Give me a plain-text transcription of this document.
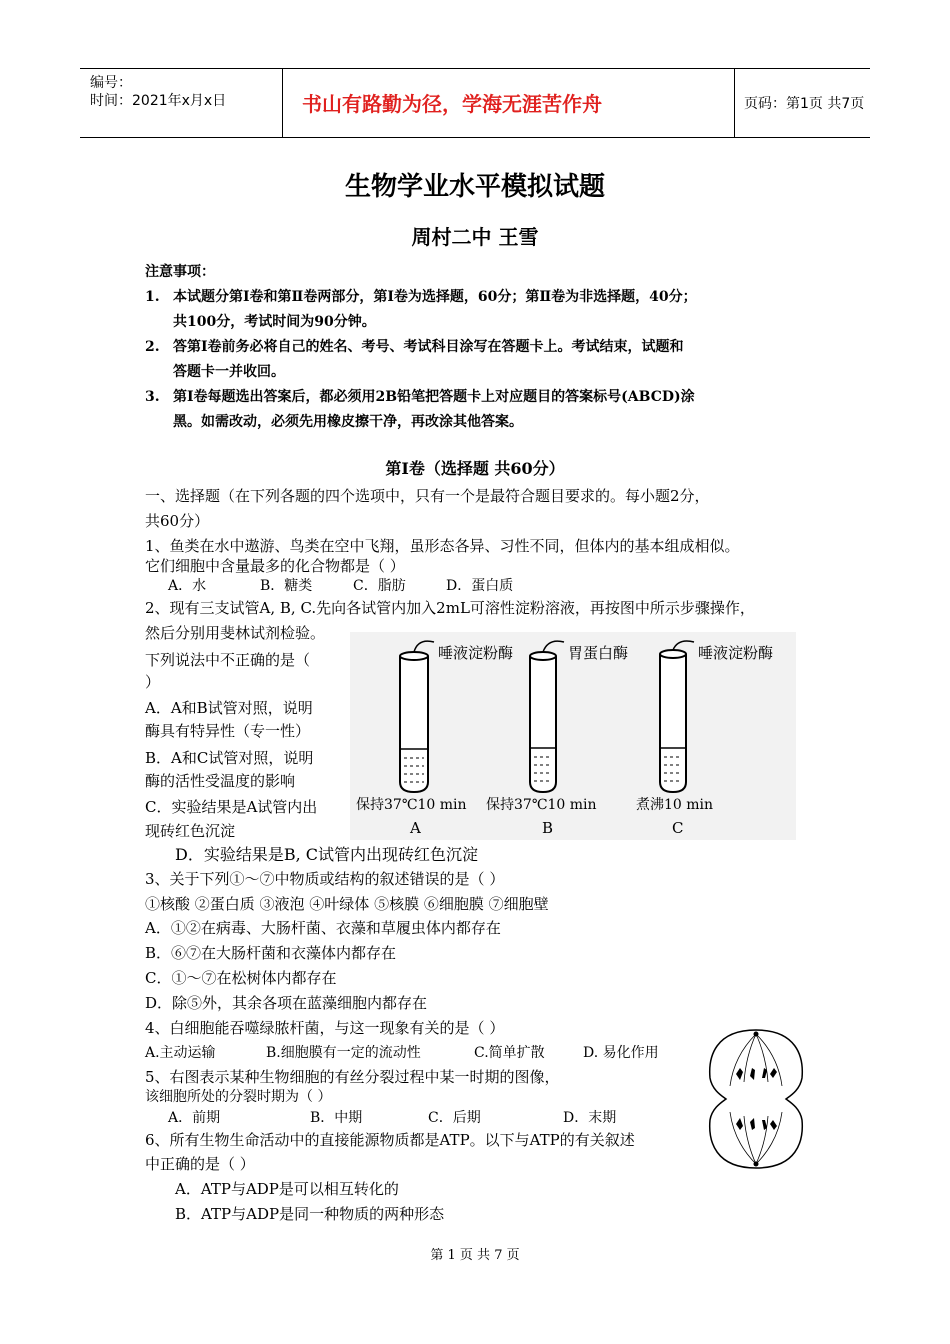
编号：
时间：2021年x月x日	书山有路勤为径，学海无涯苦作舟	页码：第1页 共7页
生物学业水平模拟试题
周村二中 王雪
注意事项：
1. 本试题分第Ⅰ卷和第Ⅱ卷两部分，第Ⅰ卷为选择题，60分；第Ⅱ卷为非选择题，40分；
共100分，考试时间为90分钟。
2. 答第Ⅰ卷前务必将自己的姓名、考号、考试科目涂写在答题卡上。考试结束，试题和
答题卡一并收回。
3. 第Ⅰ卷每题选出答案后，都必须用2B铅笔把答题卡上对应题目的答案标号(ABCD)涂
黑。如需改动，必须先用橡皮擦干净，再改涂其他答案。
第Ⅰ卷（选择题 共60分）
一、选择题（在下列各题的四个选项中，只有一个是最符合题目要求的。每小题2分，
共60分）
1、鱼类在水中遨游、鸟类在空中飞翔，虽形态各异、习性不同，但体内的基本组成相似。
它们细胞中含量最多的化合物都是（ ）
A．水	B．糖类	C．脂肪	D．蛋白质
2、现有三支试管A, B, C.先向各试管内加入2mL可溶性淀粉溶液，再按图中所示步骤操作，
然后分别用斐林试剂检验。
下列说法中不正确的是（
）
A．A和B试管对照，说明
酶具有特异性（专一性）
B．A和C试管对照，说明
酶的活性受温度的影响
C．实验结果是A试管内出
现砖红色沉淀
D．实验结果是B, C试管内出现砖红色沉淀
唾液淀粉酶	胃蛋白酶	唾液淀粉酶
保持37℃10 min 保持37℃10 min	煮沸10 min
A	B	C
3、关于下列①～⑦中物质或结构的叙述错误的是（ ）
①核酸 ②蛋白质 ③液泡 ④叶绿体 ⑤核膜 ⑥细胞膜 ⑦细胞壁
A．①②在病毒、大肠杆菌、衣藻和草履虫体内都存在
B．⑥⑦在大肠杆菌和衣藻体内都存在
C．①～⑦在松树体内都存在
D．除⑤外，其余各项在蓝藻细胞内都存在
4、白细胞能吞噬绿脓杆菌，与这一现象有关的是（ ）
A.主动运输	B.细胞膜有一定的流动性	C.简单扩散	D. 易化作用
5、右图表示某种生物细胞的有丝分裂过程中某一时期的图像，
该细胞所处的分裂时期为（ ）
A．前期	B．中期	C．后期	D．末期
6、所有生物生命活动中的直接能源物质都是ATP。以下与ATP的有关叙述
中正确的是（ ）
A．ATP与ADP是可以相互转化的
B．ATP与ADP是同一种物质的两种形态
第 1 页 共 7 页
